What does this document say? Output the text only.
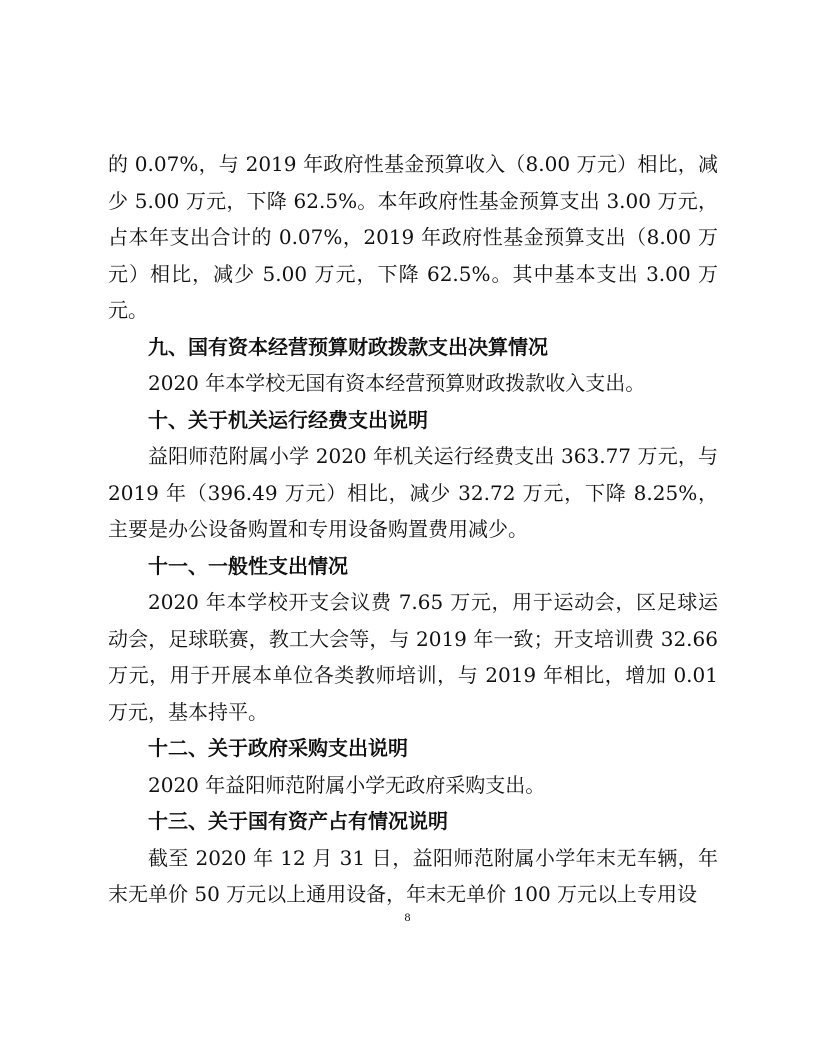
的 0.07%，与 2019 年政府性基金预算收入（8.00 万元）相比，减少 5.00 万元，下降 62.5%。本年政府性基金预算支出 3.00 万元，占本年支出合计的 0.07%，2019 年政府性基金预算支出（8.00 万元）相比，减少 5.00 万元，下降 62.5%。其中基本支出 3.00 万元。

九、国有资本经营预算财政拨款支出决算情况

2020 年本学校无国有资本经营预算财政拨款收入支出。

十、关于机关运行经费支出说明

益阳师范附属小学 2020 年机关运行经费支出 363.77 万元，与 2019 年（396.49 万元）相比，减少 32.72 万元，下降 8.25%，主要是办公设备购置和专用设备购置费用减少。

十一、一般性支出情况

2020 年本学校开支会议费 7.65 万元，用于运动会，区足球运动会，足球联赛，教工大会等，与 2019 年一致；开支培训费 32.66 万元，用于开展本单位各类教师培训，与 2019 年相比，增加 0.01 万元，基本持平。

十二、关于政府采购支出说明

2020 年益阳师范附属小学无政府采购支出。

十三、关于国有资产占有情况说明

截至 2020 年 12 月 31 日，益阳师范附属小学年末无车辆，年末无单价 50 万元以上通用设备，年末无单价 100 万元以上专用设

8
